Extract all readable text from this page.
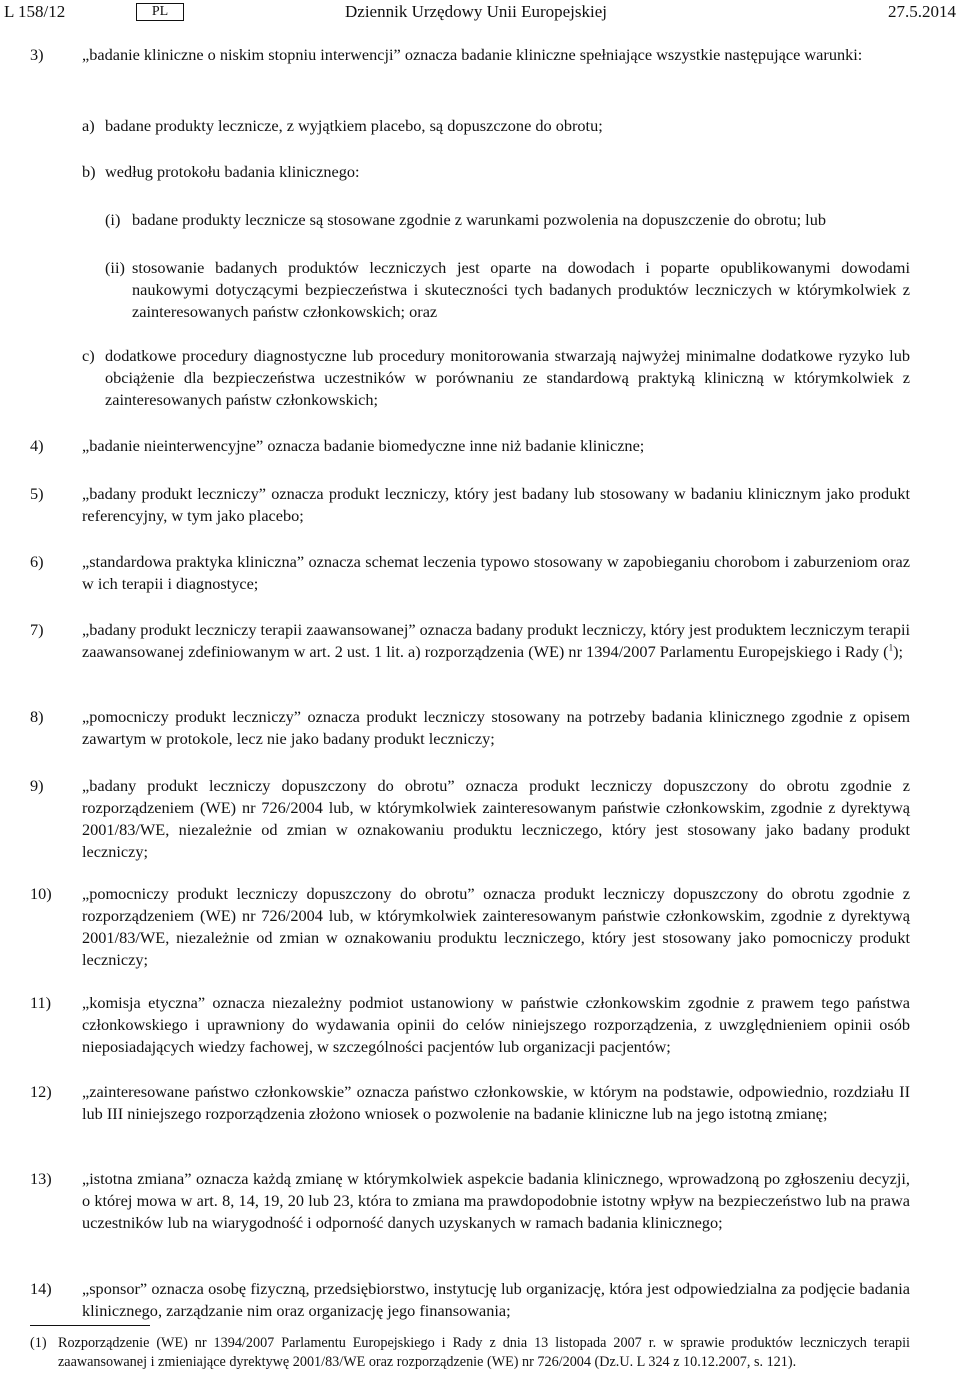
L 158/12	PL	Dziennik Urzędowy Unii Europejskiej	27.5.2014
3) „badanie kliniczne o niskim stopniu interwencji” oznacza badanie kliniczne spełniające wszystkie następujące warunki:
a) badane produkty lecznicze, z wyjątkiem placebo, są dopuszczone do obrotu;
b) według protokołu badania klinicznego:
(i) badane produkty lecznicze są stosowane zgodnie z warunkami pozwolenia na dopuszczenie do obrotu; lub
(ii) stosowanie badanych produktów leczniczych jest oparte na dowodach i poparte opublikowanymi dowodami naukowymi dotyczącymi bezpieczeństwa i skuteczności tych badanych produktów leczniczych w którymkolwiek z zainteresowanych państw członkowskich; oraz
c) dodatkowe procedury diagnostyczne lub procedury monitorowania stwarzają najwyżej minimalne dodatkowe ryzyko lub obciążenie dla bezpieczeństwa uczestników w porównaniu ze standardową praktyką kliniczną w którymkolwiek z zainteresowanych państw członkowskich;
4) „badanie nieinterwencyjne” oznacza badanie biomedyczne inne niż badanie kliniczne;
5) „badany produkt leczniczy” oznacza produkt leczniczy, który jest badany lub stosowany w badaniu klinicznym jako produkt referencyjny, w tym jako placebo;
6) „standardowa praktyka kliniczna” oznacza schemat leczenia typowo stosowany w zapobieganiu chorobom i zaburzeniom oraz w ich terapii i diagnostyce;
7) „badany produkt leczniczy terapii zaawansowanej” oznacza badany produkt leczniczy, który jest produktem leczniczym terapii zaawansowanej zdefiniowanym w art. 2 ust. 1 lit. a) rozporządzenia (WE) nr 1394/2007 Parlamentu Europejskiego i Rady ($^1$);
8) „pomocniczy produkt leczniczy” oznacza produkt leczniczy stosowany na potrzeby badania klinicznego zgodnie z opisem zawartym w protokole, lecz nie jako badany produkt leczniczy;
9) „badany produkt leczniczy dopuszczony do obrotu” oznacza produkt leczniczy dopuszczony do obrotu zgodnie z rozporządzeniem (WE) nr 726/2004 lub, w którymkolwiek zainteresowanym państwie członkowskim, zgodnie z dyrektywą 2001/83/WE, niezależnie od zmian w oznakowaniu produktu leczniczego, który jest stosowany jako badany produkt leczniczy;
10) „pomocniczy produkt leczniczy dopuszczony do obrotu” oznacza produkt leczniczy dopuszczony do obrotu zgodnie z rozporządzeniem (WE) nr 726/2004 lub, w którymkolwiek zainteresowanym państwie członkowskim, zgodnie z dyrektywą 2001/83/WE, niezależnie od zmian w oznakowaniu produktu leczniczego, który jest stosowany jako pomocniczy produkt leczniczy;
11) „komisja etyczna” oznacza niezależny podmiot ustanowiony w państwie członkowskim zgodnie z prawem tego państwa członkowskiego i uprawniony do wydawania opinii do celów niniejszego rozporządzenia, z uwzględnieniem opinii osób nieposiadających wiedzy fachowej, w szczególności pacjentów lub organizacji pacjentów;
12) „zainteresowane państwo członkowskie” oznacza państwo członkowskie, w którym na podstawie, odpowiednio, rozdziału II lub III niniejszego rozporządzenia złożono wniosek o pozwolenie na badanie kliniczne lub na jego istotną zmianę;
13) „istotna zmiana” oznacza każdą zmianę w którymkolwiek aspekcie badania klinicznego, wprowadzoną po zgłoszeniu decyzji, o której mowa w art. 8, 14, 19, 20 lub 23, która to zmiana ma prawdopodobnie istotny wpływ na bezpieczeństwo lub na prawa uczestników lub na wiarygodność i odporność danych uzyskanych w ramach badania klinicznego;
14) „sponsor” oznacza osobę fizyczną, przedsiębiorstwo, instytucję lub organizację, która jest odpowiedzialna za podjęcie badania klinicznego, zarządzanie nim oraz organizację jego finansowania;
(1) Rozporządzenie (WE) nr 1394/2007 Parlamentu Europejskiego i Rady z dnia 13 listopada 2007 r. w sprawie produktów leczniczych terapii zaawansowanej i zmieniające dyrektywę 2001/83/WE oraz rozporządzenie (WE) nr 726/2004 (Dz.U. L 324 z 10.12.2007, s. 121).
